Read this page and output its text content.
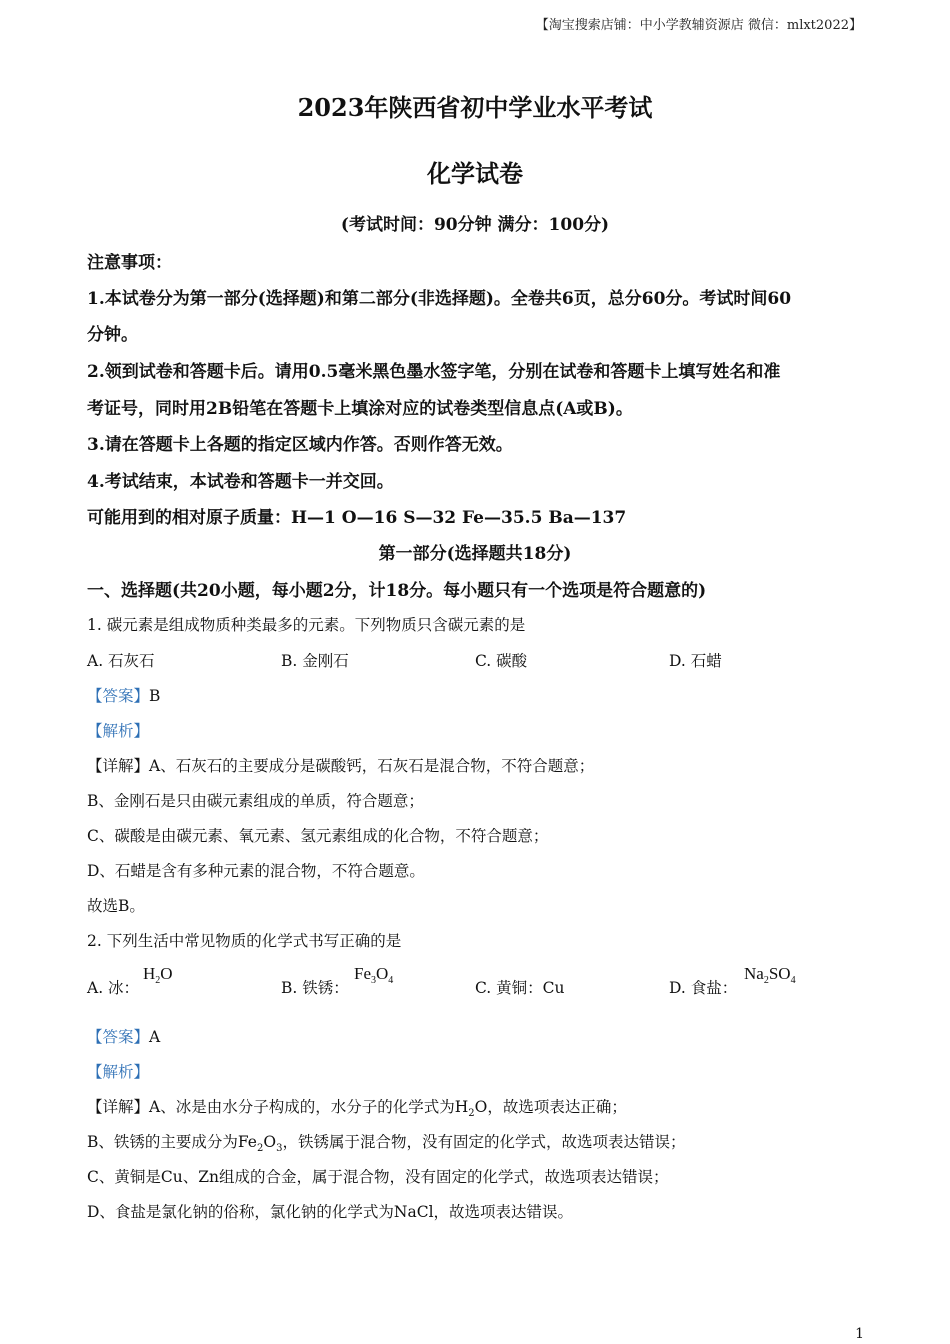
【淘宝搜索店铺：中小学教辅资源店 微信：mlxt2022】
2023年陕西省初中学业水平考试
化学试卷
(考试时间：90分钟 满分：100分)
注意事项：
1.本试卷分为第一部分(选择题)和第二部分(非选择题)。全卷共6页，总分60分。考试时间60
分钟。
2.领到试卷和答题卡后。请用0.5毫米黑色墨水签字笔，分别在试卷和答题卡上填写姓名和准
考证号，同时用2B铅笔在答题卡上填涂对应的试卷类型信息点(A或B)。
3.请在答题卡上各题的指定区域内作答。否则作答无效。
4.考试结束，本试卷和答题卡一并交回。
可能用到的相对原子质量：H—1 O—16 S—32 Fe—35.5 Ba—137
第一部分(选择题共18分)
一、选择题(共20小题，每小题2分，计18分。每小题只有一个选项是符合题意的)
1. 碳元素是组成物质种类最多的元素。下列物质只含碳元素的是
A. 石灰石	B. 金刚石	C. 碳酸	D. 石蜡
【答案】B
【解析】
【详解】A、石灰石的主要成分是碳酸钙，石灰石是混合物，不符合题意；
B、金刚石是只由碳元素组成的单质，符合题意；
C、碳酸是由碳元素、氧元素、氢元素组成的化合物，不符合题意；
D、石蜡是含有多种元素的混合物，不符合题意。
故选B。
2. 下列生活中常见物质的化学式书写正确的是
A. 冰：
$H_2O$
B. 铁锈：
$Fe_3O_4$	C. 黄铜：Cu	D. 食盐：
$Na_2SO_4$
【答案】A
【解析】
【详解】A、冰是由水分子构成的，水分子的化学式为$H_2O$，故选项表达正确；
B、铁锈的主要成分为$Fe_2O_3$，铁锈属于混合物，没有固定的化学式，故选项表达错误；
C、黄铜是Cu、Zn组成的合金，属于混合物，没有固定的化学式，故选项表达错误；
D、食盐是氯化钠的俗称，氯化钠的化学式为NaCl，故选项表达错误。
1
